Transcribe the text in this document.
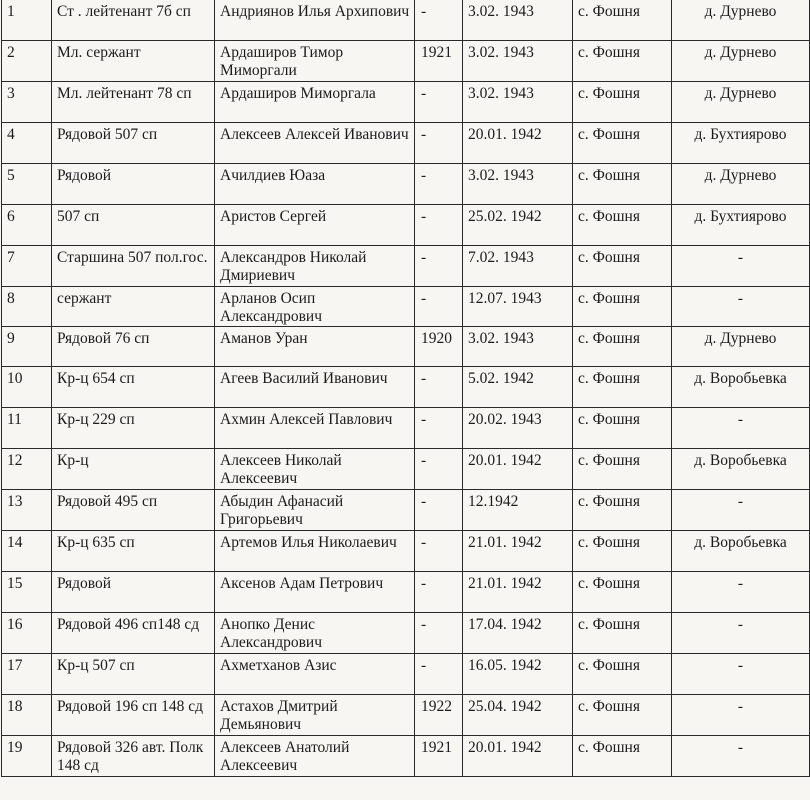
1	Ст . лейтенант 7б сп	Андриянов Илья Архипович	-	3.02. 1943	с. Фошня	д. Дурнево
2	Мл. сержант	Ардаширов Тимор Миморгали	1921	3.02. 1943	с. Фошня	д. Дурнево
3	Мл. лейтенант 78 сп	Ардаширов Миморгала	-	3.02. 1943	с. Фошня	д. Дурнево
4	Рядовой 507 сп	Алексеев Алексей Иванович	-	20.01. 1942	с. Фошня	д. Бухтиярово
5	Рядовой	Ачилдиев Юаза	-	3.02. 1943	с. Фошня	д. Дурнево
6	507 сп	Аристов Сергей	-	25.02. 1942	с. Фошня	д. Бухтиярово
7	Старшина 507 пол.гос.	Александров Николай Дмириевич	-	7.02. 1943	с. Фошня	-
8	сержант	Арланов Осип Александрович	-	12.07. 1943	с. Фошня	-
9	Рядовой 76 сп	Аманов Уран	1920	3.02. 1943	с. Фошня	д. Дурнево
10	Кр-ц 654 сп	Агеев Василий Иванович	-	5.02. 1942	с. Фошня	д. Воробьевка
11	Кр-ц 229 сп	Ахмин Алексей Павлович	-	20.02. 1943	с. Фошня	-
12	Кр-ц	Алексеев Николай Алексеевич	-	20.01. 1942	с. Фошня	д. Воробьевка
13	Рядовой 495 сп	Абыдин Афанасий Григорьевич	-	12.1942	с. Фошня	-
14	Кр-ц 635 сп	Артемов Илья Николаевич	-	21.01. 1942	с. Фошня	д. Воробьевка
15	Рядовой	Аксенов Адам Петрович	-	21.01. 1942	с. Фошня	-
16	Рядовой 496 сп148 сд	Анопко Денис Александрович	-	17.04. 1942	с. Фошня	-
17	Кр-ц 507 сп	Ахметханов Азис	-	16.05. 1942	с. Фошня	-
18	Рядовой 196 сп 148 сд	Астахов Дмитрий Демьянович	1922	25.04. 1942	с. Фошня	-
19	Рядовой 326 авт. Полк 148 сд	Алексеев Анатолий Алексеевич	1921	20.01. 1942	с. Фошня	-
